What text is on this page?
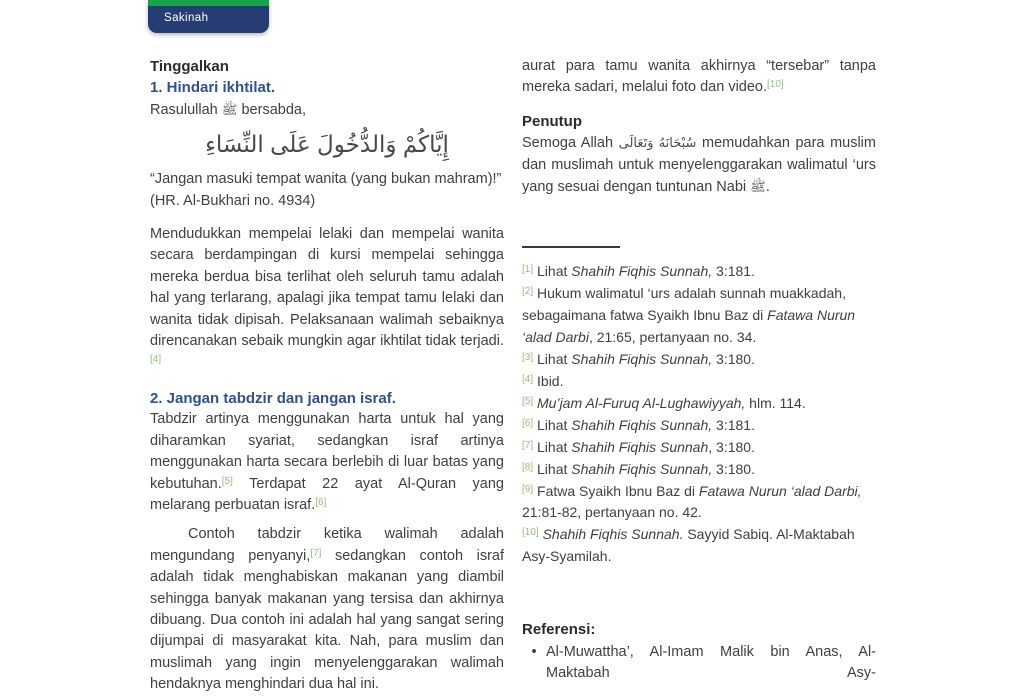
Sakinah
Tinggalkan
1. Hindari ikhtilat.

Rasulullah ﷺ bersabda,

إِيَّاكُمْ وَالدُّخُولَ عَلَى النِّسَاءِ

“Jangan masuki tempat wanita (yang bukan mahram)!” (HR. Al-Bukhari no. 4934)

Mendudukkan mempelai lelaki dan mempelai wanita secara berdampingan di kursi mempelai sehingga mereka berdua bisa terlihat oleh seluruh tamu adalah hal yang terlarang, apalagi jika tempat tamu lelaki dan wanita tidak dipisah. Pelaksanaan walimah sebaiknya direncanakan sebaik mungkin agar ikhtilat tidak terjadi.[4]

2. Jangan tabdzir dan jangan israf.

Tabdzir artinya menggunakan harta untuk hal yang diharamkan syariat, sedangkan israf artinya menggunakan harta secara berlebih di luar batas yang kebutuhan.[5] Terdapat 22 ayat Al-Quran yang melarang perbuatan israf.[6]

Contoh tabdzir ketika walimah adalah mengundang penyanyi,[7] sedangkan contoh israf adalah tidak menghabiskan makanan yang diambil sehingga banyak makanan yang tersisa dan akhirnya dibuang. Dua contoh ini adalah hal yang sangat sering dijumpai di masyarakat kita. Nah, para muslim dan muslimah yang ingin menyelenggarakan walimah hendaknya menghindari dua hal ini.

aurat para tamu wanita akhirnya “tersebar” tanpa mereka sadari, melalui foto dan video.[10]

Penutup

Semoga Allah سُبْحَانَهُ وَتَعَالَى memudahkan para muslim dan muslimah untuk menyelenggarakan walimatul ‘urs yang sesuai dengan tuntunan Nabi ﷺ.

[1] Lihat Shahih Fiqhis Sunnah, 3:181.
[2] Hukum walimatul ‘urs adalah sunnah muakkadah, sebagaimana fatwa Syaikh Ibnu Baz di Fatawa Nurun ‘alad Darbi, 21:65, pertanyaan no. 34.
[3] Lihat Shahih Fiqhis Sunnah, 3:180.
[4] Ibid.
[5] Mu’jam Al-Furuq Al-Lughawiyyah, hlm. 114.
[6] Lihat Shahih Fiqhis Sunnah, 3:181.
[7] Lihat Shahih Fiqhis Sunnah, 3:180.
[8] Lihat Shahih Fiqhis Sunnah, 3:180.
[9] Fatwa Syaikh Ibnu Baz di Fatawa Nurun ‘alad Darbi, 21:81-82, pertanyaan no. 42.
[10] Shahih Fiqhis Sunnah. Sayyid Sabiq. Al-Maktabah Asy-Syamilah.
Referensi:
• Al-Muwattha’, Al-Imam Malik bin Anas, Al-Maktabah Asy-
